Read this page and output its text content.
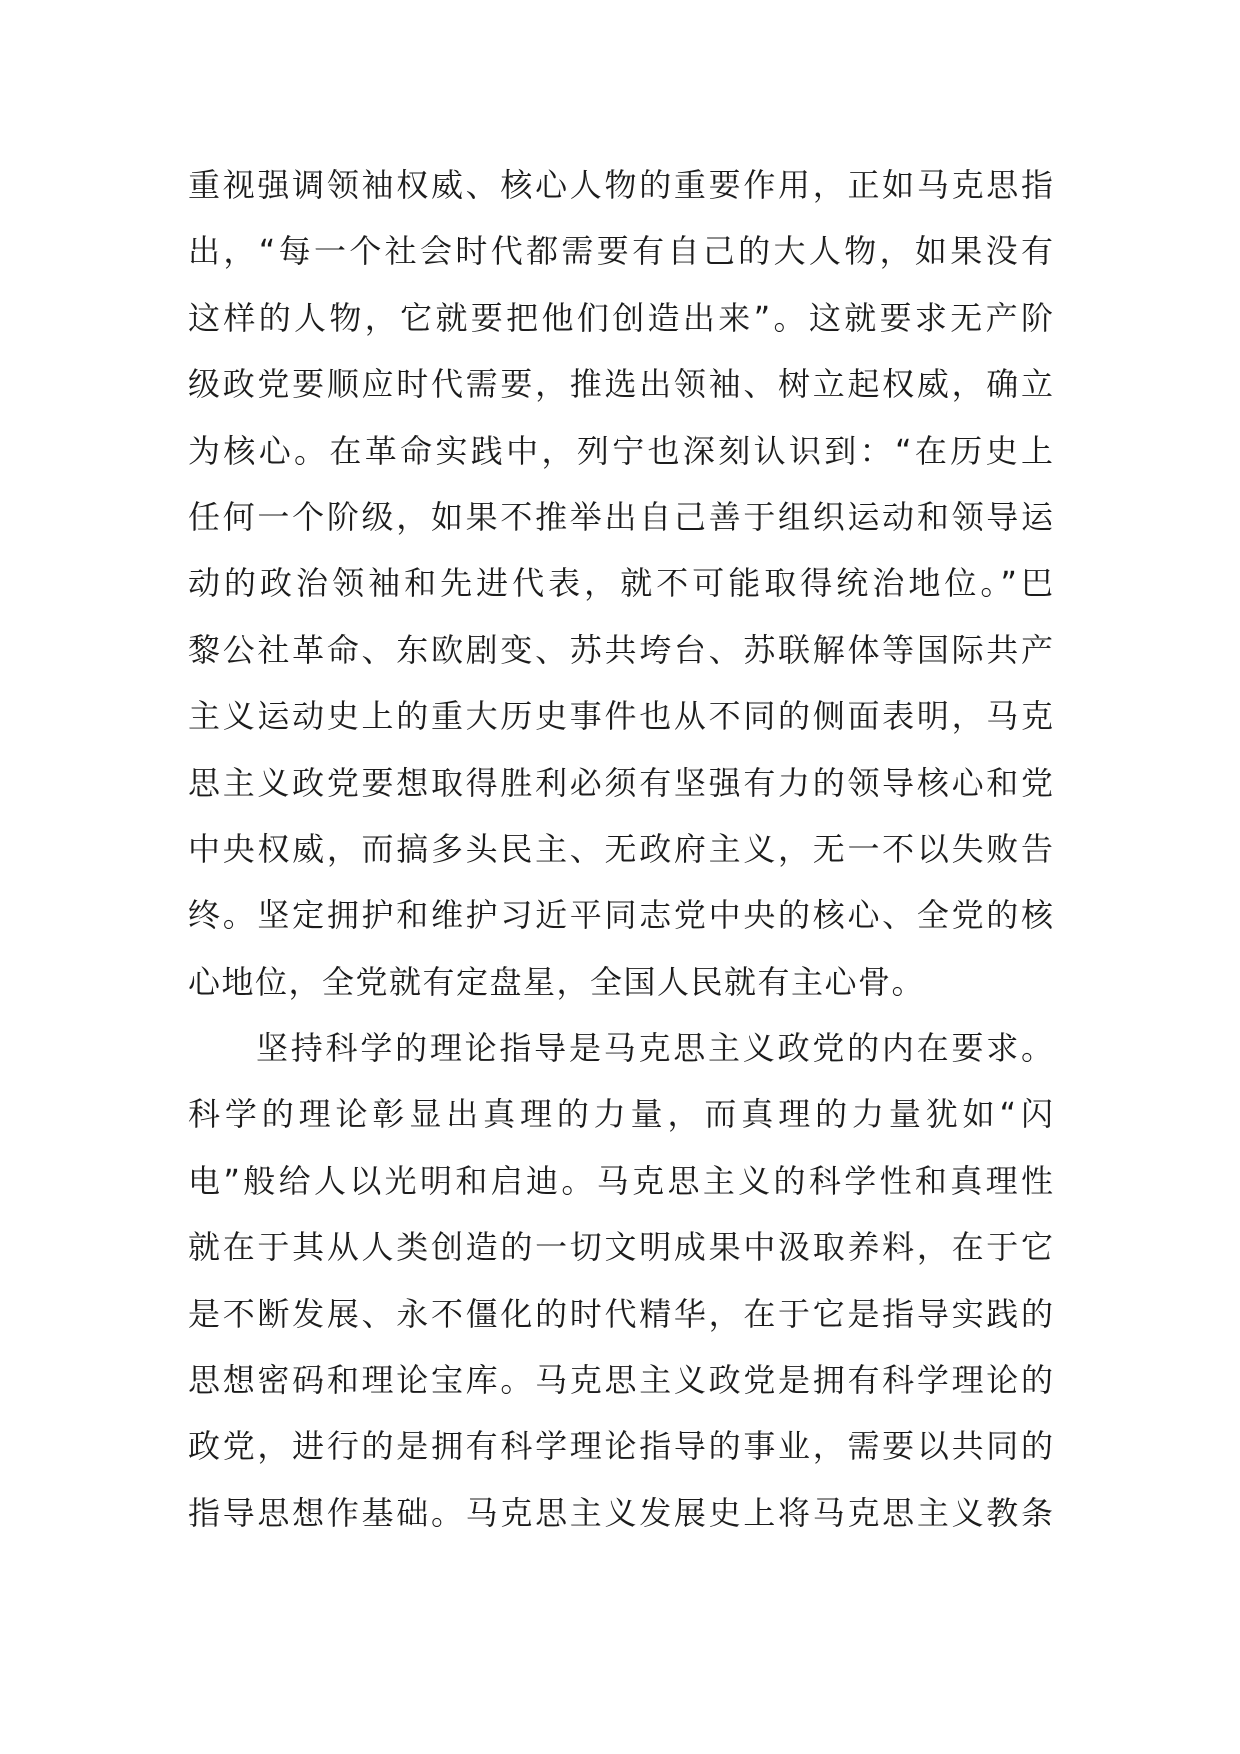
重视强调领袖权威、核心人物的重要作用，正如马克思指
出，“每一个社会时代都需要有自己的大人物，如果没有
这样的人物，它就要把他们创造出来”。这就要求无产阶
级政党要顺应时代需要，推选出领袖、树立起权威，确立
为核心。在革命实践中，列宁也深刻认识到：“在历史上
任何一个阶级，如果不推举出自己善于组织运动和领导运
动的政治领袖和先进代表，就不可能取得统治地位。”巴
黎公社革命、东欧剧变、苏共垮台、苏联解体等国际共产
主义运动史上的重大历史事件也从不同的侧面表明，马克
思主义政党要想取得胜利必须有坚强有力的领导核心和党
中央权威，而搞多头民主、无政府主义，无一不以失败告
终。坚定拥护和维护习近平同志党中央的核心、全党的核
心地位，全党就有定盘星，全国人民就有主心骨。
坚持科学的理论指导是马克思主义政党的内在要求。
科学的理论彰显出真理的力量，而真理的力量犹如“闪
电”般给人以光明和启迪。马克思主义的科学性和真理性
就在于其从人类创造的一切文明成果中汲取养料，在于它
是不断发展、永不僵化的时代精华，在于它是指导实践的
思想密码和理论宝库。马克思主义政党是拥有科学理论的
政党，进行的是拥有科学理论指导的事业，需要以共同的
指导思想作基础。马克思主义发展史上将马克思主义教条
